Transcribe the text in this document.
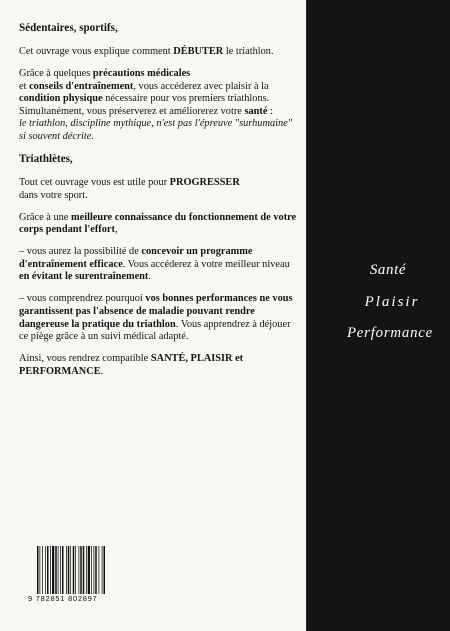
Sédentaires, sportifs,

Cet ouvrage vous explique comment DÉBUTER le triathlon.

Grâce à quelques précautions médicales
et conseils d'entraînement, vous accéderez avec plaisir à la condition physique nécessaire pour vos premiers triathlons. Simultanément, vous préserverez et améliorerez votre santé :
le triathlon, discipline mythique, n'est pas l'épreuve "surhumaine" si souvent décrite.

Triathlètes,

Tout cet ouvrage vous est utile pour PROGRESSER
dans votre sport.

Grâce à une meilleure connaissance du fonctionnement de votre corps pendant l'effort,

– vous aurez la possibilité de concevoir un programme d'entraînement efficace. Vous accéderez à votre meilleur niveau en évitant le surentraînement.

– vous comprendrez pourquoi vos bonnes performances ne vous garantissent pas l'absence de maladie pouvant rendre dangereuse la pratique du triathlon. Vous apprendrez à déjouer ce piège grâce à un suivi médical adapté.

Ainsi, vous rendrez compatible SANTÉ, PLAISIR et PERFORMANCE.

Santé
Plaisir
Performance
9 782851 802897
